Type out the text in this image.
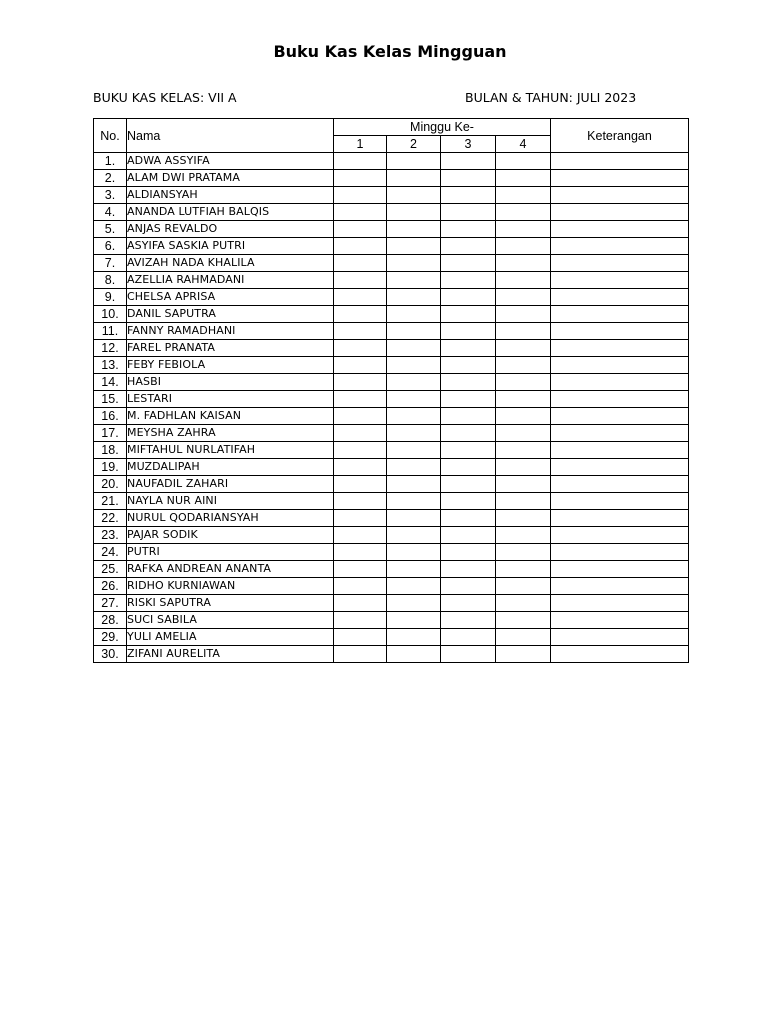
Buku Kas Kelas Mingguan
BUKU KAS KELAS: VII A	BULAN & TAHUN: JULI 2023
No.	Nama	Minggu Ke-				Keterangan
		1	2	3	4	
1.	ADWA ASSYIFA					
2.	ALAM DWI PRATAMA					
3.	ALDIANSYAH					
4.	ANANDA LUTFIAH BALQIS					
5.	ANJAS REVALDO					
6.	ASYIFA SASKIA PUTRI					
7.	AVIZAH NADA KHALILA					
8.	AZELLIA RAHMADANI					
9.	CHELSA APRISA					
10.	DANIL SAPUTRA					
11.	FANNY RAMADHANI					
12.	FAREL PRANATA					
13.	FEBY FEBIOLA					
14.	HASBI					
15.	LESTARI					
16.	M. FADHLAN KAISAN					
17.	MEYSHA ZAHRA					
18.	MIFTAHUL NURLATIFAH					
19.	MUZDALIPAH					
20.	NAUFADIL ZAHARI					
21.	NAYLA NUR AINI					
22.	NURUL QODARIANSYAH					
23.	PAJAR SODIK					
24.	PUTRI					
25.	RAFKA ANDREAN ANANTA					
26.	RIDHO KURNIAWAN					
27.	RISKI SAPUTRA					
28.	SUCI SABILA					
29.	YULI AMELIA					
30.	ZIFANI AURELITA					
